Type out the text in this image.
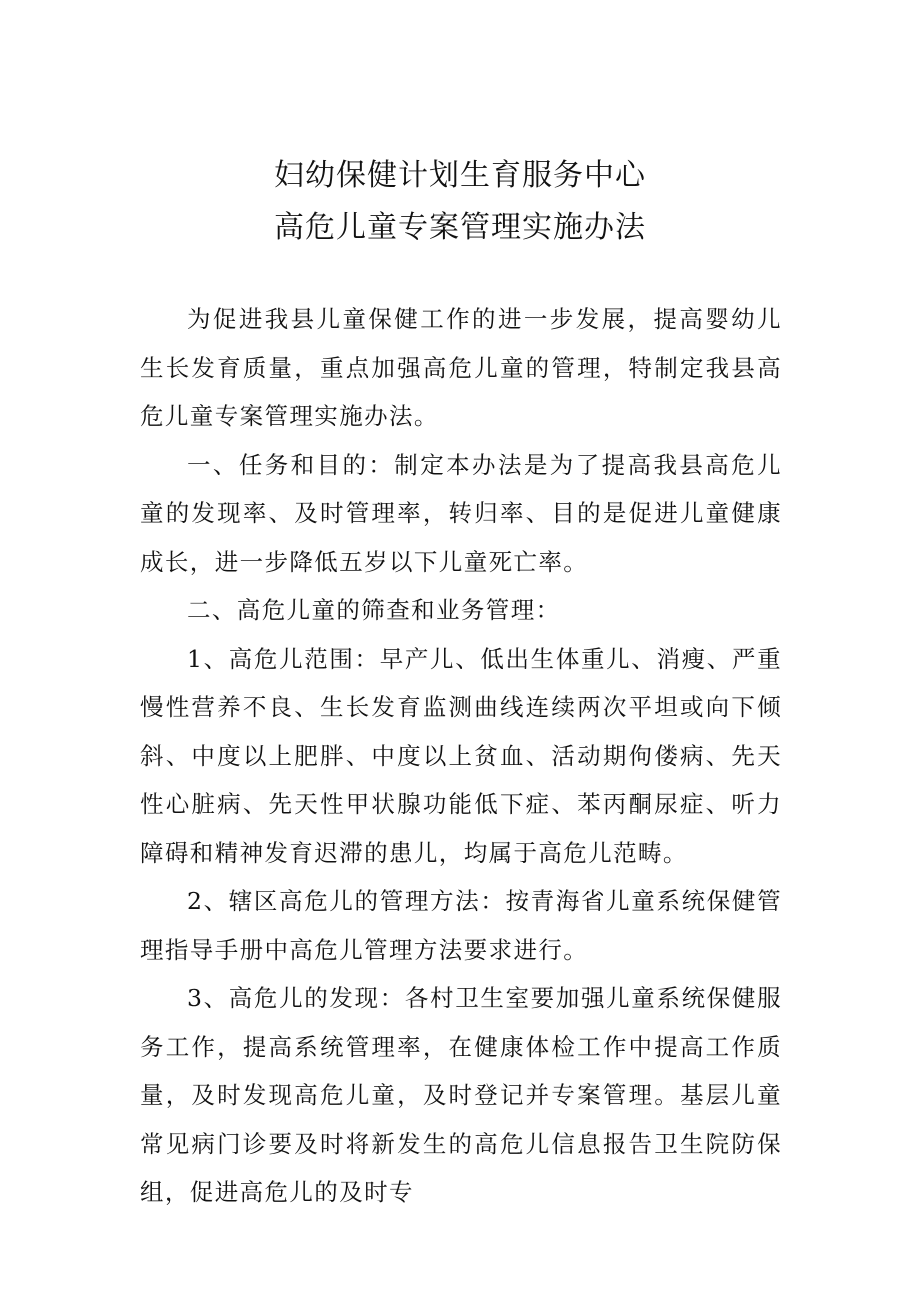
妇幼保健计划生育服务中心
高危儿童专案管理实施办法

为促进我县儿童保健工作的进一步发展，提高婴幼儿生长发育质量，重点加强高危儿童的管理，特制定我县高危儿童专案管理实施办法。

一、任务和目的：制定本办法是为了提高我县高危儿童的发现率、及时管理率，转归率、目的是促进儿童健康成长，进一步降低五岁以下儿童死亡率。

二、高危儿童的筛查和业务管理：

1、高危儿范围：早产儿、低出生体重儿、消瘦、严重慢性营养不良、生长发育监测曲线连续两次平坦或向下倾斜、中度以上肥胖、中度以上贫血、活动期佝偻病、先天性心脏病、先天性甲状腺功能低下症、苯丙酮尿症、听力障碍和精神发育迟滞的患儿，均属于高危儿范畴。

2、辖区高危儿的管理方法：按青海省儿童系统保健管理指导手册中高危儿管理方法要求进行。

3、高危儿的发现：各村卫生室要加强儿童系统保健服务工作，提高系统管理率，在健康体检工作中提高工作质量，及时发现高危儿童，及时登记并专案管理。基层儿童常见病门诊要及时将新发生的高危儿信息报告卫生院防保组，促进高危儿的及时专
